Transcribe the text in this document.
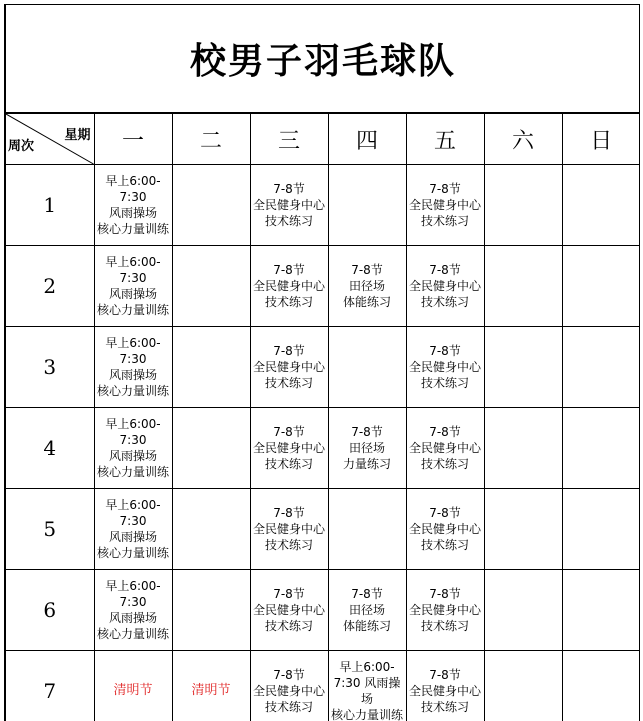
校男子羽毛球队
星期
周次	一	二	三	四	五	六	日
1	早上6:00-7:30
风雨操场
核心力量训练		7-8节
全民健身中心
技术练习		7-8节
全民健身中心 技术练习		

2	早上6:00-7:30
风雨操场
核心力量训练		7-8节
全民健身中心
技术练习	7-8节
田径场
体能练习	7-8节
全民健身中心 技术练习		

3	早上6:00-7:30
风雨操场
核心力量训练		7-8节
全民健身中心
技术练习		7-8节
全民健身中心 技术练习		

4	早上6:00-7:30
风雨操场
核心力量训练		7-8节
全民健身中心
技术练习	7-8节
田径场
力量练习	7-8节
全民健身中心 技术练习		

5	早上6:00-7:30
风雨操场
核心力量训练		7-8节
全民健身中心
技术练习		7-8节
全民健身中心 技术练习		

6	早上6:00-7:30
风雨操场
核心力量训练		7-8节
全民健身中心
技术练习	7-8节
田径场
体能练习	7-8节
全民健身中心 技术练习		

7	清明节	清明节	7-8节
全民健身中心
技术练习	早上6:00-7:30 风雨操场
核心力量训练	7-8节
全民健身中心 技术练习		
